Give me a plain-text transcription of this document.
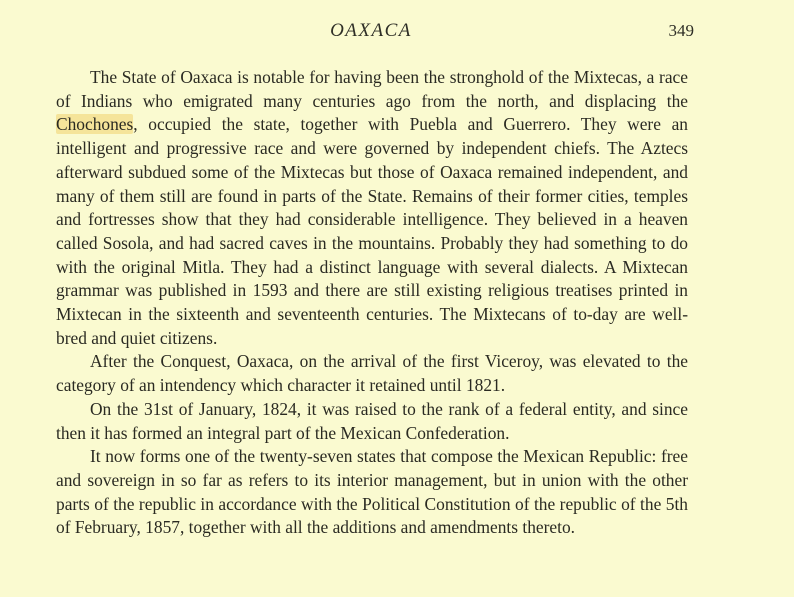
OAXACA	349

The State of Oaxaca is notable for having been the stronghold of the Mixtecas, a race of Indians who emigrated many centuries ago from the north, and displacing the Chochones, occupied the state, together with Puebla and Guerrero. They were an intelligent and progressive race and were governed by independent chiefs. The Aztecs afterward subdued some of the Mixtecas but those of Oaxaca remained independent, and many of them still are found in parts of the State. Remains of their former cities, temples and fortresses show that they had considerable intelligence. They believed in a heaven called Sosola, and had sacred caves in the mountains. Probably they had something to do with the original Mitla. They had a distinct language with several dialects. A Mixtecan grammar was published in 1593 and there are still existing religious treatises printed in Mixtecan in the sixteenth and seventeenth centuries. The Mixtecans of to-day are well-bred and quiet citizens.

After the Conquest, Oaxaca, on the arrival of the first Viceroy, was elevated to the category of an intendency which character it retained until 1821.

On the 31st of January, 1824, it was raised to the rank of a federal entity, and since then it has formed an integral part of the Mexican Confederation.

It now forms one of the twenty-seven states that compose the Mexican Republic: free and sovereign in so far as refers to its interior management, but in union with the other parts of the republic in accordance with the Political Constitution of the republic of the 5th of February, 1857, together with all the additions and amendments thereto.
